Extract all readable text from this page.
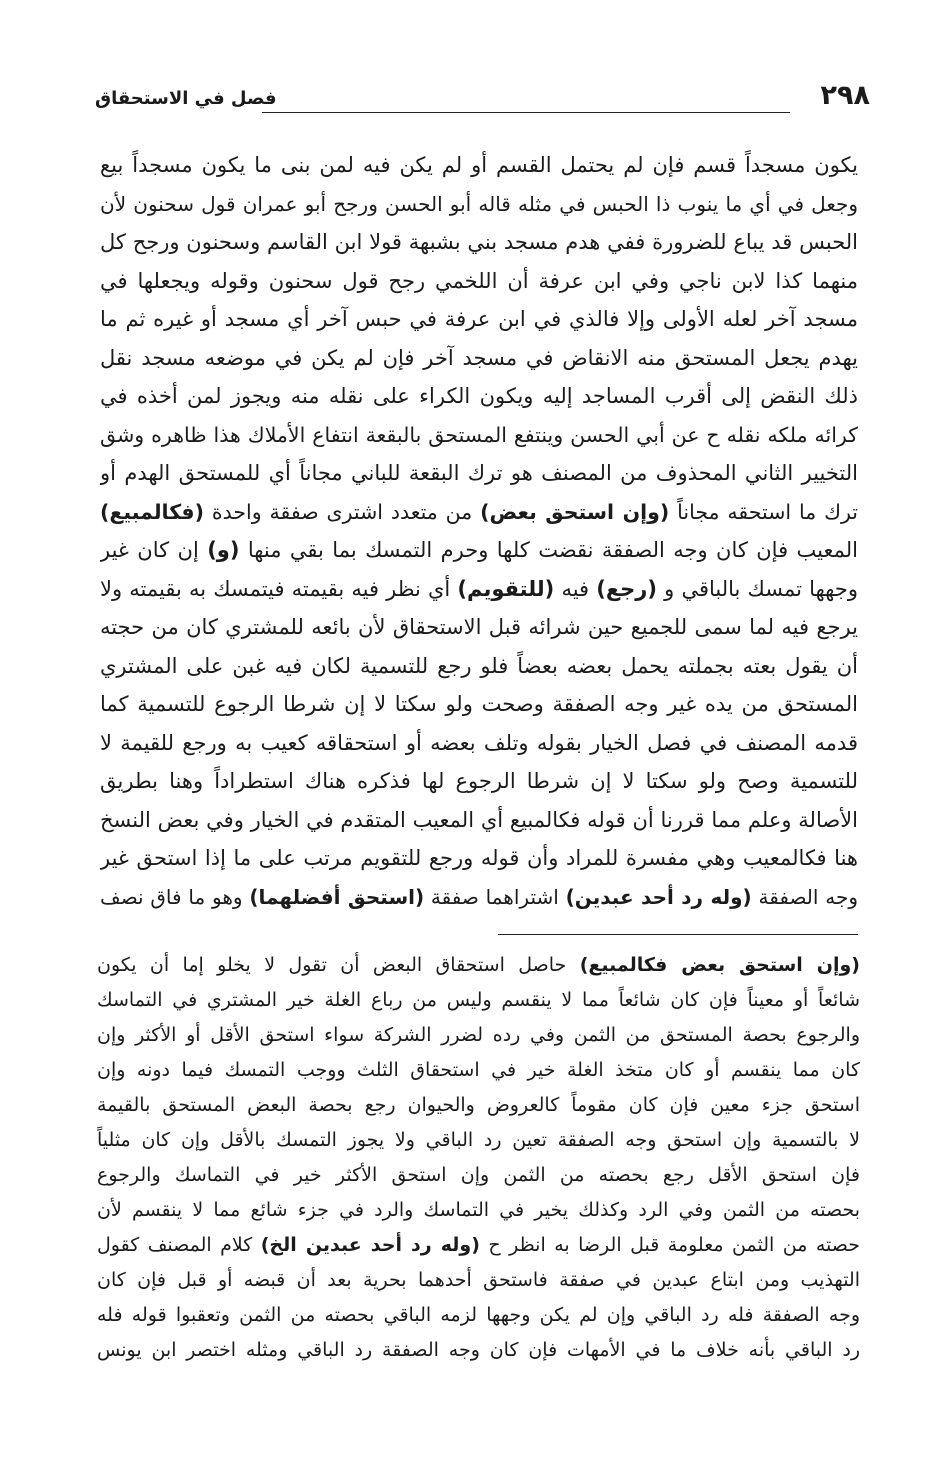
فصل في الاستحقاق	٢٩٨
يكون مسجداً قسم فإن لم يحتمل القسم أو لم يكن فيه لمن بنى ما يكون مسجداً بيع
وجعل في أي ما ينوب ذا الحبس في مثله قاله أبو الحسن ورجح أبو عمران قول سحنون لأن
الحبس قد يباع للضرورة ففي هدم مسجد بني بشبهة قولا ابن القاسم وسحنون ورجح كل
منهما كذا لابن ناجي وفي ابن عرفة أن اللخمي رجح قول سحنون وقوله ويجعلها في
مسجد آخر لعله الأولى وإلا فالذي في ابن عرفة في حبس آخر أي مسجد أو غيره ثم ما
يهدم يجعل المستحق منه الانقاض في مسجد آخر فإن لم يكن في موضعه مسجد نقل
ذلك النقض إلى أقرب المساجد إليه ويكون الكراء على نقله منه ويجوز لمن أخذه في
كرائه ملكه نقله ح عن أبي الحسن وينتفع المستحق بالبقعة انتفاع الأملاك هذا ظاهره وشق
التخيير الثاني المحذوف من المصنف هو ترك البقعة للباني مجاناً أي للمستحق الهدم أو
ترك ما استحقه مجاناً (وإن استحق بعض) من متعدد اشترى صفقة واحدة (فكالمبيع)
المعيب فإن كان وجه الصفقة نقضت كلها وحرم التمسك بما بقي منها (و) إن كان غير
وجهها تمسك بالباقي و (رجع) فيه (للتقويم) أي نظر فيه بقيمته فيتمسك به بقيمته ولا
يرجع فيه لما سمى للجميع حين شرائه قبل الاستحقاق لأن بائعه للمشتري كان من حجته
أن يقول بعته بجملته يحمل بعضه بعضاً فلو رجع للتسمية لكان فيه غبن على المشتري
المستحق من يده غير وجه الصفقة وصحت ولو سكتا لا إن شرطا الرجوع للتسمية كما
قدمه المصنف في فصل الخيار بقوله وتلف بعضه أو استحقاقه كعيب به ورجع للقيمة لا
للتسمية وصح ولو سكتا لا إن شرطا الرجوع لها فذكره هناك استطراداً وهنا بطريق
الأصالة وعلم مما قررنا أن قوله فكالمبيع أي المعيب المتقدم في الخيار وفي بعض النسخ
هنا فكالمعيب وهي مفسرة للمراد وأن قوله ورجع للتقويم مرتب على ما إذا استحق غير
وجه الصفقة (وله رد أحد عبدين) اشتراهما صفقة (استحق أفضلهما) وهو ما فاق نصف
(وإن استحق بعض فكالمبيع) حاصل استحقاق البعض أن تقول لا يخلو إما أن يكون
شائعاً أو معيناً فإن كان شائعاً مما لا ينقسم وليس من رباع الغلة خير المشتري في التماسك
والرجوع بحصة المستحق من الثمن وفي رده لضرر الشركة سواء استحق الأقل أو الأكثر وإن
كان مما ينقسم أو كان متخذ الغلة خير في استحقاق الثلث ووجب التمسك فيما دونه وإن
استحق جزء معين فإن كان مقوماً كالعروض والحيوان رجع بحصة البعض المستحق بالقيمة
لا بالتسمية وإن استحق وجه الصفقة تعين رد الباقي ولا يجوز التمسك بالأقل وإن كان مثلياً
فإن استحق الأقل رجع بحصته من الثمن وإن استحق الأكثر خير في التماسك والرجوع
بحصته من الثمن وفي الرد وكذلك يخير في التماسك والرد في جزء شائع مما لا ينقسم لأن
حصته من الثمن معلومة قبل الرضا به انظر ح (وله رد أحد عبدين الخ) كلام المصنف كقول
التهذيب ومن ابتاع عبدين في صفقة فاستحق أحدهما بحرية بعد أن قبضه أو قبل فإن كان
وجه الصفقة فله رد الباقي وإن لم يكن وجهها لزمه الباقي بحصته من الثمن وتعقبوا قوله فله
رد الباقي بأنه خلاف ما في الأمهات فإن كان وجه الصفقة رد الباقي ومثله اختصر ابن يونس
